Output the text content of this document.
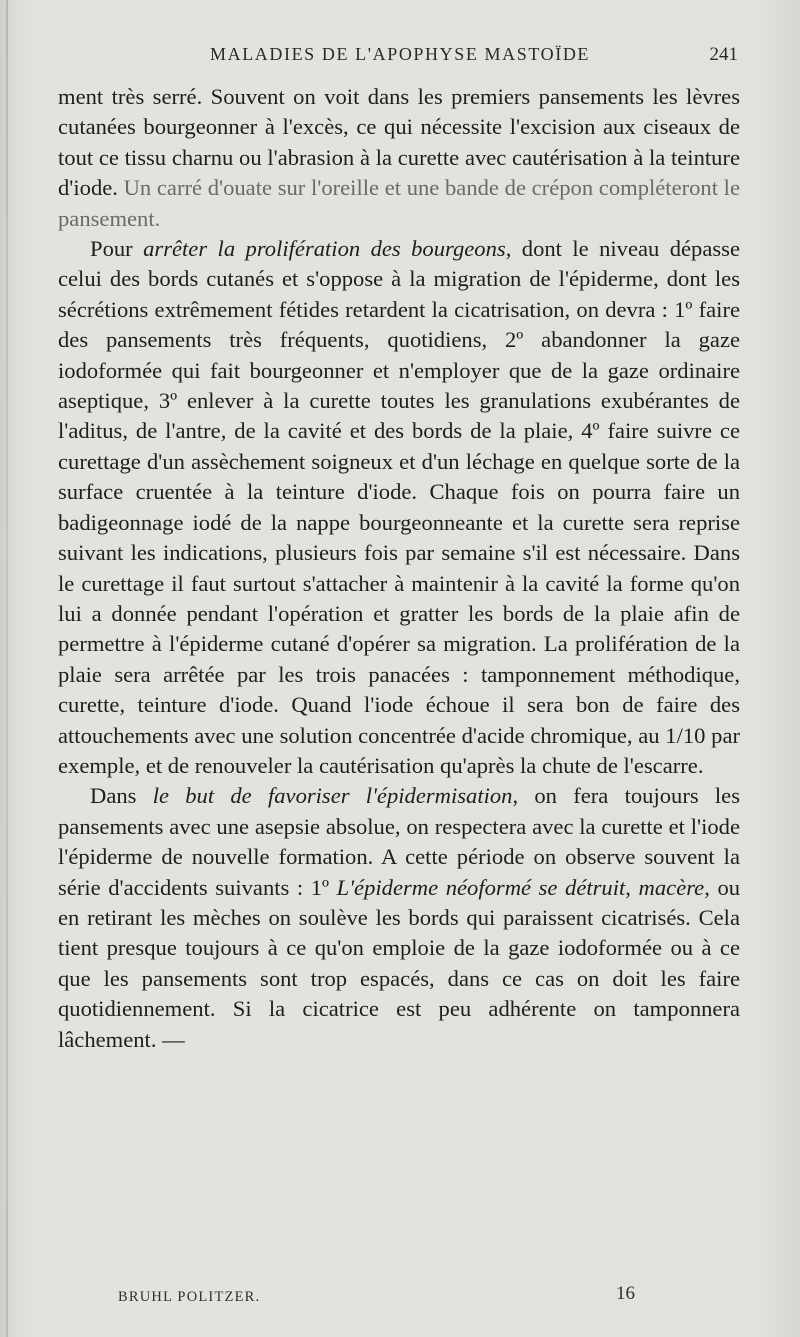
MALADIES DE L'APOPHYSE MASTOÏDE	241

ment très serré. Souvent on voit dans les premiers pansements les lèvres cutanées bourgeonner à l'excès, ce qui nécessite l'excision aux ciseaux de tout ce tissu charnu ou l'abrasion à la curette avec cautérisation à la teinture d'iode. Un carré d'ouate sur l'oreille et une bande de crépon compléteront le pansement.

Pour arrêter la prolifération des bourgeons, dont le niveau dépasse celui des bords cutanés et s'oppose à la migration de l'épiderme, dont les sécrétions extrêmement fétides retardent la cicatrisation, on devra : 1º faire des pansements très fréquents, quotidiens, 2º abandonner la gaze iodoformée qui fait bourgeonner et n'employer que de la gaze ordinaire aseptique, 3º enlever à la curette toutes les granulations exubérantes de l'aditus, de l'antre, de la cavité et des bords de la plaie, 4º faire suivre ce curettage d'un assèchement soigneux et d'un léchage en quelque sorte de la surface cruentée à la teinture d'iode. Chaque fois on pourra faire un badigeonnage iodé de la nappe bourgeonneante et la curette sera reprise suivant les indications, plusieurs fois par semaine s'il est nécessaire. Dans le curettage il faut surtout s'attacher à maintenir à la cavité la forme qu'on lui a donnée pendant l'opération et gratter les bords de la plaie afin de permettre à l'épiderme cutané d'opérer sa migration. La prolifération de la plaie sera arrêtée par les trois panacées : tamponnement méthodique, curette, teinture d'iode. Quand l'iode échoue il sera bon de faire des attouchements avec une solution concentrée d'acide chromique, au 1/10 par exemple, et de renouveler la cautérisation qu'après la chute de l'escarre.

Dans le but de favoriser l'épidermisation, on fera toujours les pansements avec une asepsie absolue, on respectera avec la curette et l'iode l'épiderme de nouvelle formation. A cette période on observe souvent la série d'accidents suivants : 1º L'épiderme néoformé se détruit, macère, ou en retirant les mèches on soulève les bords qui paraissent cicatrisés. Cela tient presque toujours à ce qu'on emploie de la gaze iodoformée ou à ce que les pansements sont trop espacés, dans ce cas on doit les faire quotidiennement. Si la cicatrice est peu adhérente on tamponnera lâchement. —

BRUHL POLITZER.	16
